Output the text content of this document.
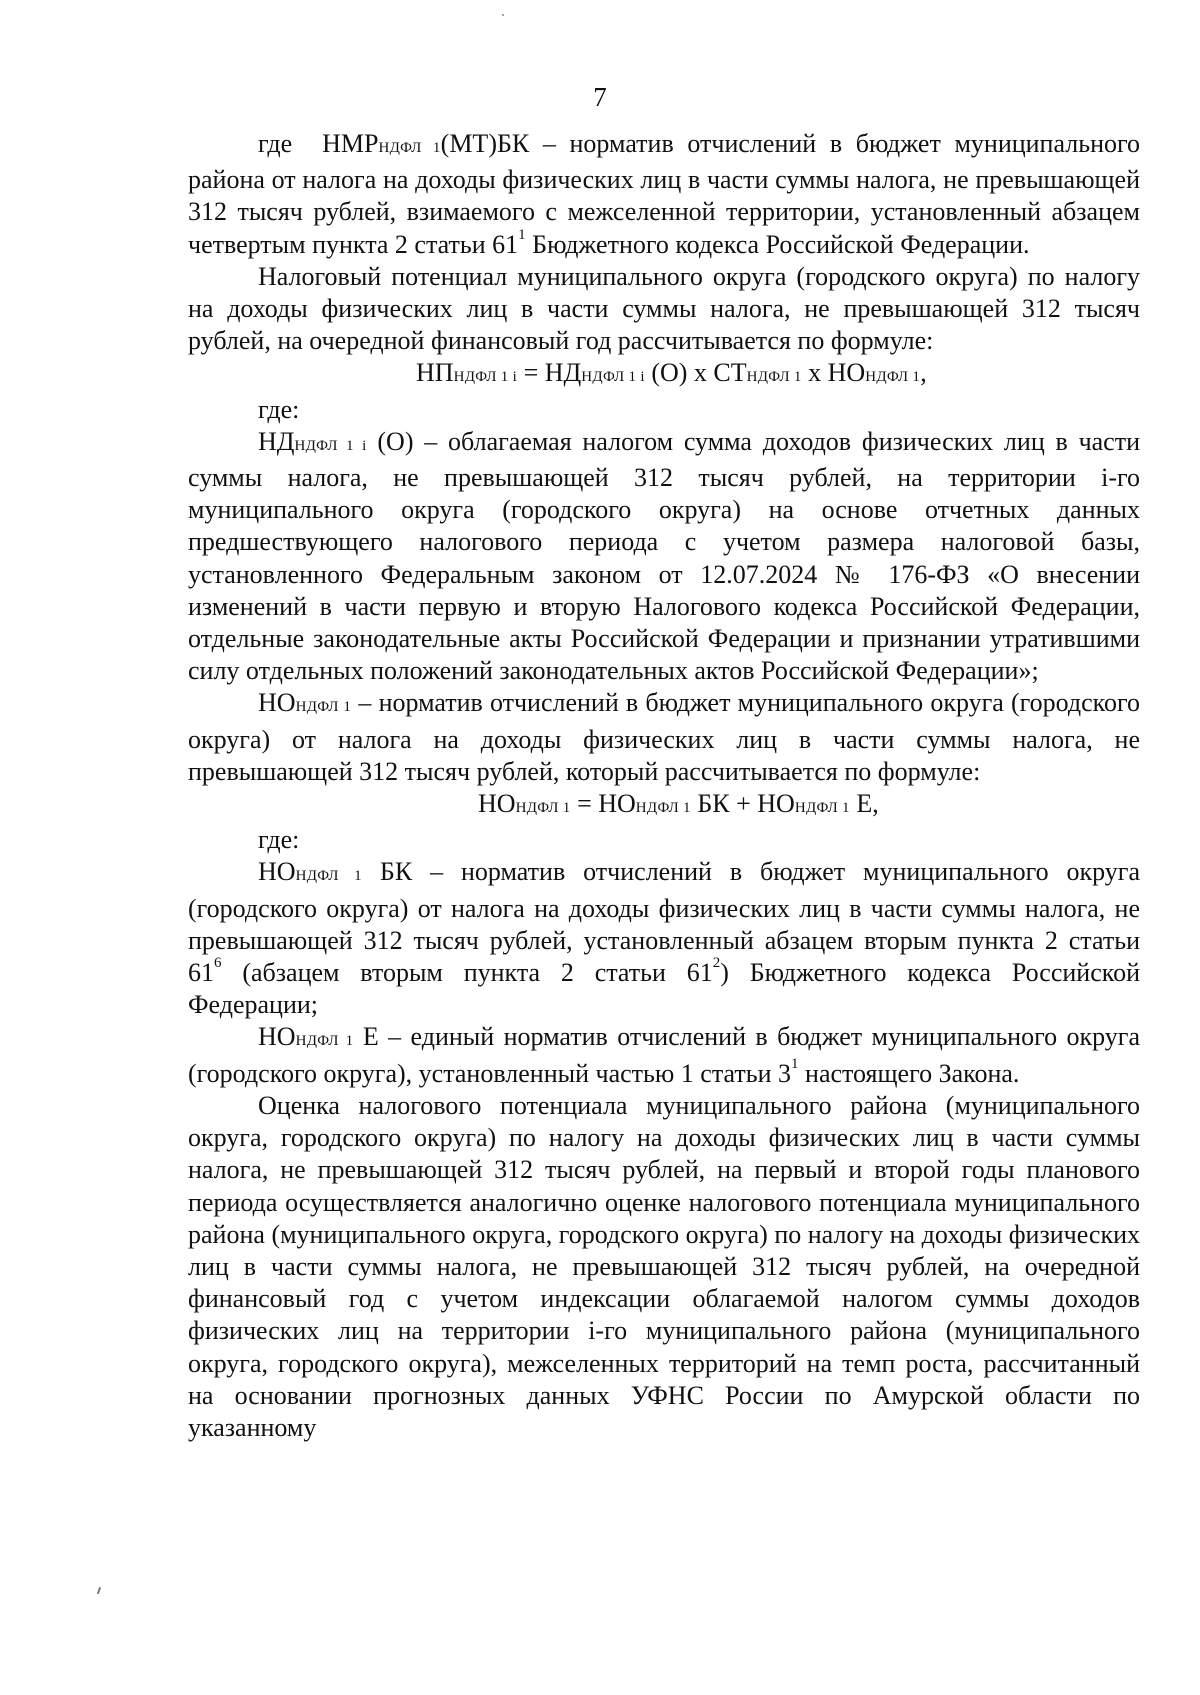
7

где НМРНДФЛ 1(МТ)БК – норматив отчислений в бюджет муниципального района от налога на доходы физических лиц в части суммы налога, не превышающей 312 тысяч рублей, взимаемого с межселенной территории, установленный абзацем четвертым пункта 2 статьи $61^1$ Бюджетного кодекса Российской Федерации.

Налоговый потенциал муниципального округа (городского округа) по налогу на доходы физических лиц в части суммы налога, не превышающей 312 тысяч рублей, на очередной финансовый год рассчитывается по формуле:

НПНДФЛ 1 i = НДНДФЛ 1 i (О) х СТНДФЛ 1 х НОНДФЛ 1,

где:

НДНДФЛ 1 i (О) – облагаемая налогом сумма доходов физических лиц в части суммы налога, не превышающей 312 тысяч рублей, на территории i-го муниципального округа (городского округа) на основе отчетных данных предшествующего налогового периода с учетом размера налоговой базы, установленного Федеральным законом от 12.07.2024 № 176-ФЗ «О внесении изменений в части первую и вторую Налогового кодекса Российской Федерации, отдельные законодательные акты Российской Федерации и признании утратившими силу отдельных положений законодательных актов Российской Федерации»;

НОНДФЛ 1 – норматив отчислений в бюджет муниципального округа (городского округа) от налога на доходы физических лиц в части суммы налога, не превышающей 312 тысяч рублей, который рассчитывается по формуле:

НОНДФЛ 1 = НОНДФЛ 1 БК + НОНДФЛ 1 Е,

где:

НОНДФЛ 1 БК – норматив отчислений в бюджет муниципального округа (городского округа) от налога на доходы физических лиц в части суммы налога, не превышающей 312 тысяч рублей, установленный абзацем вторым пункта 2 статьи $61^6$ (абзацем вторым пункта 2 статьи $61^2$) Бюджетного кодекса Российской Федерации;

НОНДФЛ 1 Е – единый норматив отчислений в бюджет муниципального округа (городского округа), установленный частью 1 статьи $3^1$ настоящего Закона.

Оценка налогового потенциала муниципального района (муниципального округа, городского округа) по налогу на доходы физических лиц в части суммы налога, не превышающей 312 тысяч рублей, на первый и второй годы планового периода осуществляется аналогично оценке налогового потенциала муниципального района (муниципального округа, городского округа) по налогу на доходы физических лиц в части суммы налога, не превышающей 312 тысяч рублей, на очередной финансовый год с учетом индексации облагаемой налогом суммы доходов физических лиц на территории i-го муниципального района (муниципального округа, городского округа), межселенных территорий на темп роста, рассчитанный на основании прогнозных данных УФНС России по Амурской области по указанному
